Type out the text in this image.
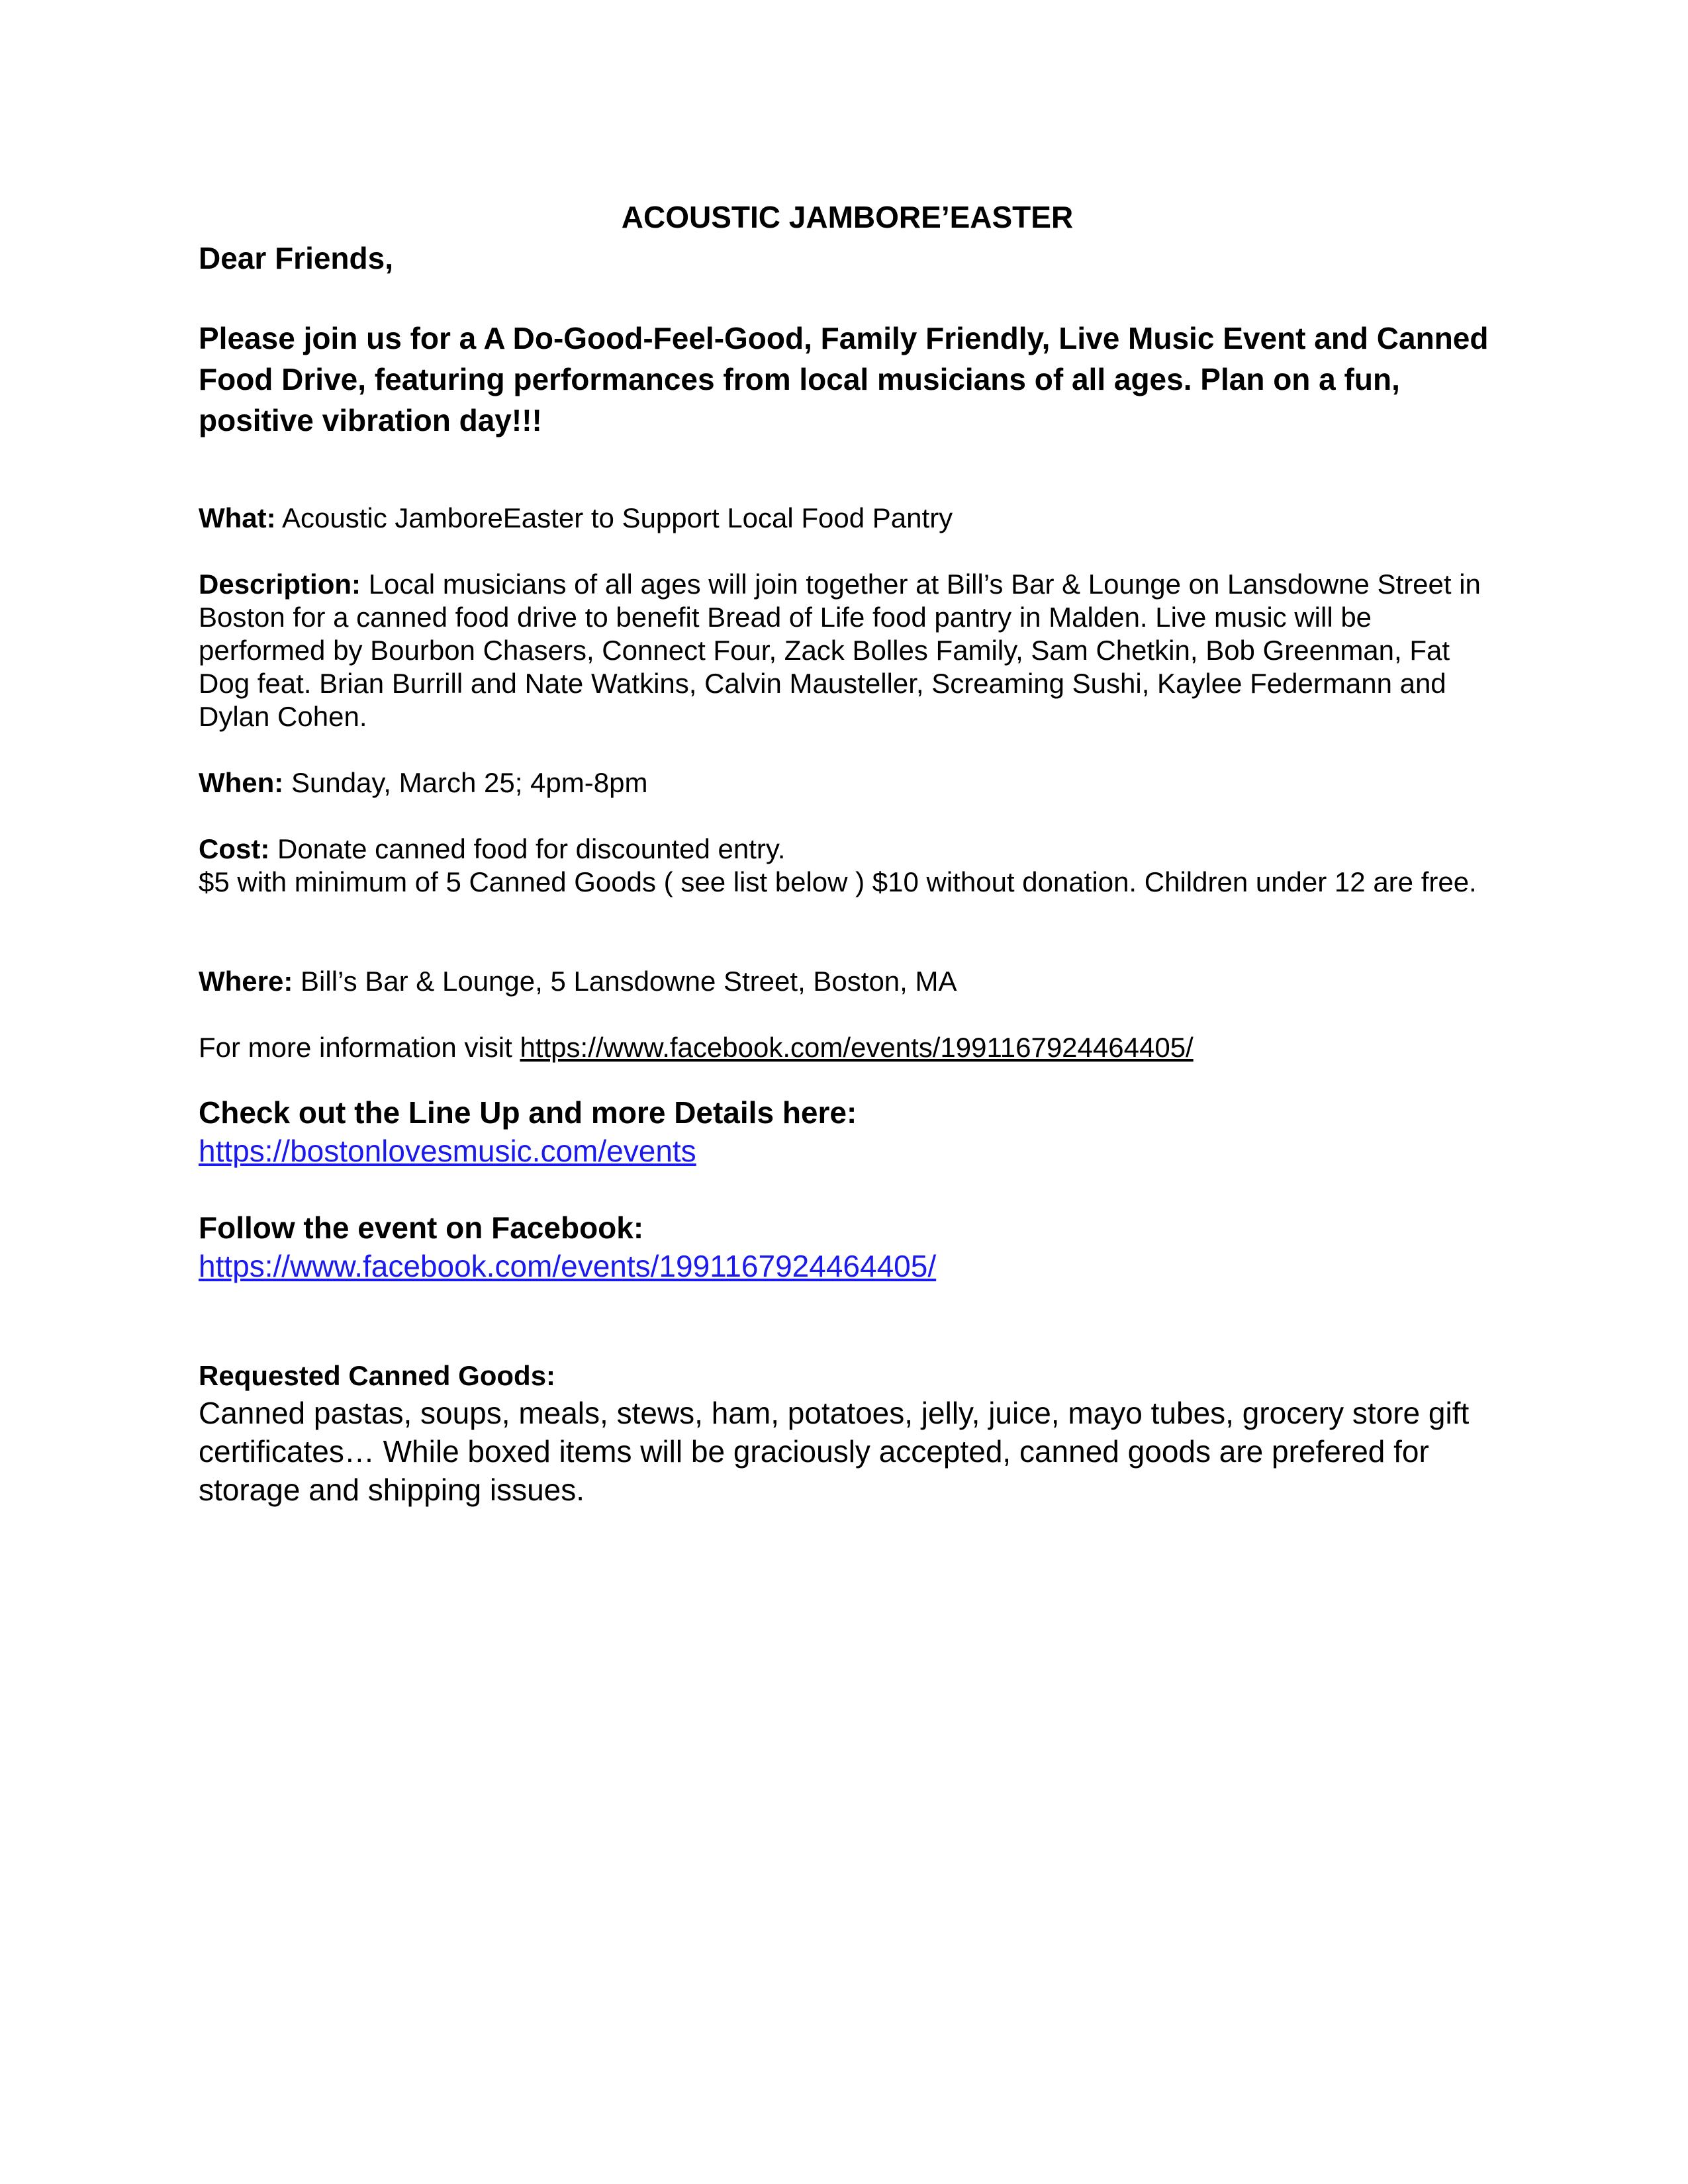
ACOUSTIC JAMBORE’EASTER

Dear Friends,

Please join us for a A Do-Good-Feel-Good, Family Friendly, Live Music Event and Canned Food Drive, featuring performances from local musicians of all ages. Plan on a fun, positive vibration day!!!

What: Acoustic JamboreEaster to Support Local Food Pantry

Description: Local musicians of all ages will join together at Bill’s Bar & Lounge on Lansdowne Street in Boston for a canned food drive to benefit Bread of Life food pantry in Malden. Live music will be performed by Bourbon Chasers, Connect Four, Zack Bolles Family, Sam Chetkin, Bob Greenman, Fat Dog feat. Brian Burrill and Nate Watkins, Calvin Mausteller, Screaming Sushi, Kaylee Federmann and Dylan Cohen.

When: Sunday, March 25; 4pm-8pm

Cost: Donate canned food for discounted entry.

$5 with minimum of 5 Canned Goods ( see list below ) $10 without donation. Children under 12 are free.

Where: Bill’s Bar & Lounge, 5 Lansdowne Street, Boston, MA

For more information visit https://www.facebook.com/events/1991167924464405/

Check out the Line Up and more Details here:

https://bostonlovesmusic.com/events

Follow the event on Facebook:

https://www.facebook.com/events/1991167924464405/

Requested Canned Goods:

Canned pastas, soups, meals, stews, ham, potatoes, jelly, juice, mayo tubes, grocery store gift certificates… While boxed items will be graciously accepted, canned goods are prefered for storage and shipping issues.
